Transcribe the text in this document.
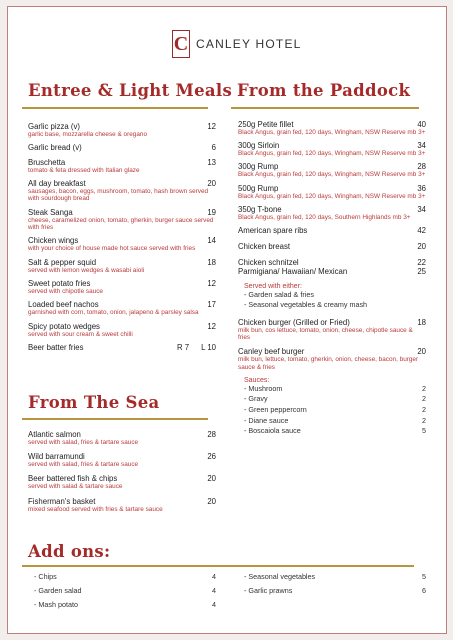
C CANLEY HOTEL
Entree & Light Meals
Garlic pizza (v)	12
garlic base, mozzarella cheese & oregano
Garlic bread (v)	6
Bruschetta	13
tomato & feta dressed with Italian glaze
All day breakfast	20
sausages, bacon, eggs, mushroom, tomato, hash brown served with sourdough bread
Steak Sanga	19
cheese, caramelized onion, tomato, gherkin, burger sauce served with fries
Chicken wings	14
with your choice of house made hot sauce served with fries
Salt & pepper squid	18
served with lemon wedges & wasabi aioli
Sweet potato fries	12
served with chipotle sauce
Loaded beef nachos	17
garnished with corn, tomato, onion, jalapeno & parsley salsa
Spicy potato wedges	12
served with sour cream & sweet chilli
Beer batter fries	R 7 L 10
From The Sea
Atlantic salmon	28
served with salad, fries & tartare sauce
Wild barramundi	26
served with salad, fries & tartare sauce
Beer battered fish & chips	20
served with salad & tartare sauce
Fisherman's basket	20
mixed seafood served with fries & tartare sauce
From the Paddock
250g Petite fillet	40
Black Angus, grain fed, 120 days, Wingham, NSW Reserve mb 3+
300g Sirloin	34
Black Angus, grain fed, 120 days, Wingham, NSW Reserve mb 3+
300g Rump	28
Black Angus, grain fed, 120 days, Wingham, NSW Reserve mb 3+
500g Rump	36
Black Angus, grain fed, 120 days, Wingham, NSW Reserve mb 3+
350g T-bone	34
Black Angus, grain fed, 120 days, Southern Highlands mb 3+
American spare ribs	42
Chicken breast	20
Chicken schnitzel	22
Parmigiana/ Hawaiian/ Mexican	25
Served with either:
- Garden salad & fries
- Seasonal vegetables & creamy mash
Chicken burger (Grilled or Fried)	18
milk bun, cos lettuce, tomato, onion, cheese, chipotle sauce & fries
Canley beef burger	20
milk bun, lettuce, tomato, gherkin, onion, cheese, bacon, burger sauce & fries
Sauces:
- Mushroom	2
- Gravy	2
- Green peppercorn	2
- Diane sauce	2
- Boscaiola sauce	5
Add ons:
- Chips	4
- Garden salad	4
- Mash potato	4
- Seasonal vegetables	5
- Garlic prawns	6
